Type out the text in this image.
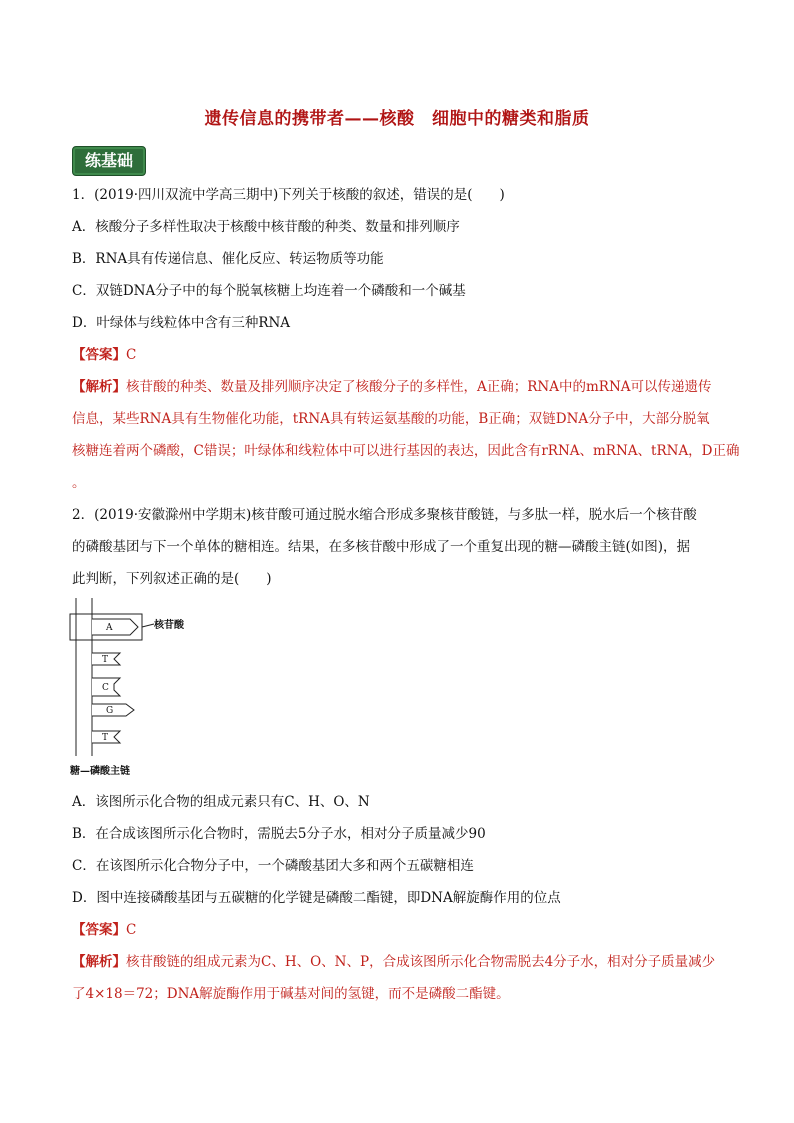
遗传信息的携带者——核酸　细胞中的糖类和脂质
练基础
1．(2019·四川双流中学高三期中)下列关于核酸的叙述，错误的是(　　)
A．核酸分子多样性取决于核酸中核苷酸的种类、数量和排列顺序
B．RNA具有传递信息、催化反应、转运物质等功能
C．双链DNA分子中的每个脱氧核糖上均连着一个磷酸和一个碱基
D．叶绿体与线粒体中含有三种RNA
【答案】C
【解析】核苷酸的种类、数量及排列顺序决定了核酸分子的多样性，A正确；RNA中的mRNA可以传递遗传
信息，某些RNA具有生物催化功能，tRNA具有转运氨基酸的功能，B正确；双链DNA分子中，大部分脱氧
核糖连着两个磷酸，C错误；叶绿体和线粒体中可以进行基因的表达，因此含有rRNA、mRNA、tRNA，D正确
。
2．(2019·安徽滁州中学期末)核苷酸可通过脱水缩合形成多聚核苷酸链，与多肽一样，脱水后一个核苷酸
的磷酸基团与下一个单体的糖相连。结果，在多核苷酸中形成了一个重复出现的糖—磷酸主链(如图)，据
此判断，下列叙述正确的是(　　)
A
T
C
G
T
核苷酸
糖—磷酸主链
A．该图所示化合物的组成元素只有C、H、O、N
B．在合成该图所示化合物时，需脱去5分子水，相对分子质量减少90
C．在该图所示化合物分子中，一个磷酸基团大多和两个五碳糖相连
D．图中连接磷酸基团与五碳糖的化学键是磷酸二酯键，即DNA解旋酶作用的位点
【答案】C
【解析】核苷酸链的组成元素为C、H、O、N、P，合成该图所示化合物需脱去4分子水，相对分子质量减少
了4×18＝72；DNA解旋酶作用于碱基对间的氢键，而不是磷酸二酯键。
